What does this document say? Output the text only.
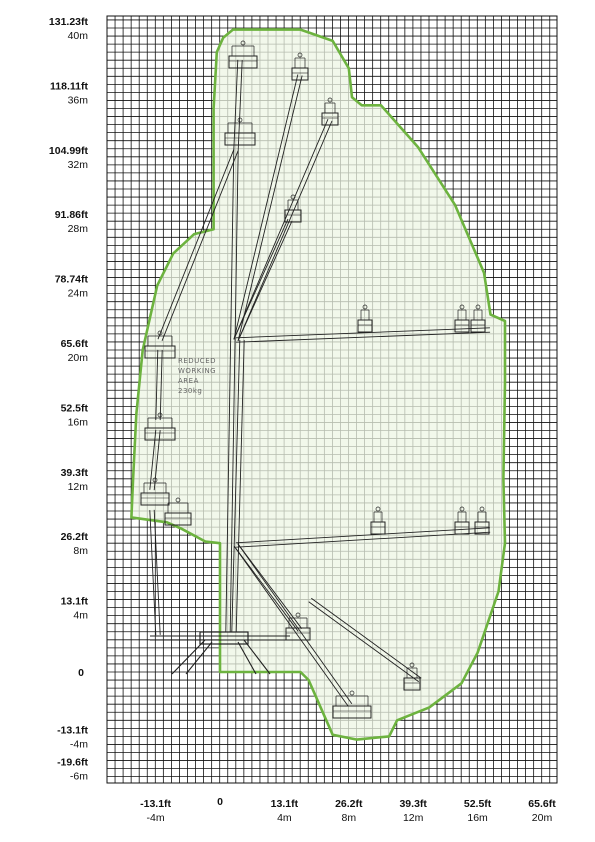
REDUCED
WORKING
AREA
230kg
131.23ft
40m
118.11ft
36m
104.99ft
32m
91.86ft
28m
78.74ft
24m
65.6ft
20m
52.5ft
16m
39.3ft
12m
26.2ft
8m
13.1ft
4m
0
-13.1ft
-4m
-19.6ft
-6m
-13.1ft
-4m
0	13.1ft
4m
26.2ft
8m
39.3ft
12m
52.5ft
16m
65.6ft
20m
